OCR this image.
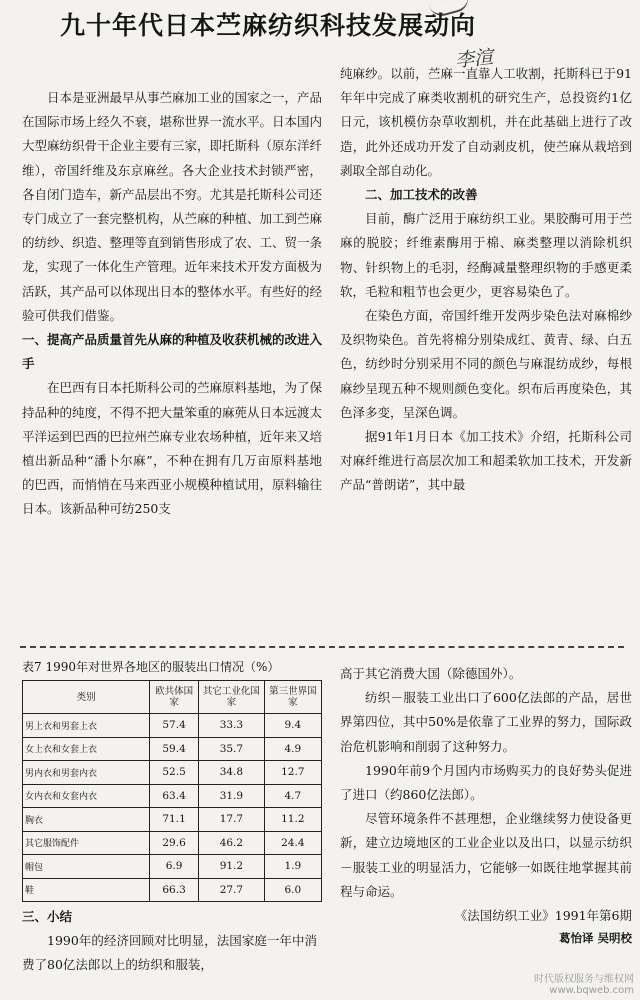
九十年代日本苎麻纺织科技发展动向
李渲

日本是亚洲最早从事苎麻加工业的国家之一，产品在国际市场上经久不衰，堪称世界一流水平。日本国内大型麻纺织骨干企业主要有三家，即托斯科（原东洋纤维），帝国纤维及东京麻丝。各大企业技术封锁严密，各自闭门造车，新产品层出不穷。尤其是托斯科公司还专门成立了一套完整机构，从苎麻的种植、加工到苎麻的纺纱、织造、整理等直到销售形成了农、工、贸一条龙，实现了一体化生产管理。近年来技术开发方面极为活跃，其产品可以体现出日本的整体水平。有些好的经验可供我们借鉴。

一、提高产品质量首先从麻的种植及收获机械的改进入手

在巴西有日本托斯科公司的苎麻原料基地，为了保持品种的纯度，不得不把大量笨重的麻蔸从日本远渡太平洋运到巴西的巴拉州苎麻专业农场种植，近年来又培植出新品种“潘卜尔麻”，不种在拥有几万亩原料基地的巴西，而悄悄在马来西亚小规模种植试用，原料输往日本。该新品种可纺250支

纯麻纱。以前，苎麻一直靠人工收割，托斯科已于91年年中完成了麻类收割机的研究生产，总投资约1亿日元，该机模仿杂草收割机，并在此基础上进行了改造，此外还成功开发了自动剥皮机，使苎麻从栽培到剥取全部自动化。

二、加工技术的改善

目前，酶广泛用于麻纺织工业。果胶酶可用于苎麻的脱胶；纤维素酶用于棉、麻类整理以消除机织物、针织物上的毛羽，经酶减量整理织物的手感更柔软，毛粒和粗节也会更少，更容易染色了。

在染色方面，帝国纤维开发两步染色法对麻棉纱及织物染色。首先将棉分别染成红、黄青、绿、白五色，纺纱时分别采用不同的颜色与麻混纺成纱，每根麻纱呈现五种不规则颜色变化。织布后再度染色，其色泽多变，呈深色调。

据91年1月日本《加工技术》介绍，托斯科公司对麻纤维进行高层次加工和超柔软加工技术，开发新产品“普朗诺”，其中最

表7 1990年对世界各地区的服装出口情况（%）

类别	欧共体国家	其它工业化国家	第三世界国家
男上衣和男套上衣	57.4	33.3	9.4
女上衣和女套上衣	59.4	35.7	4.9
男内衣和男套内衣	52.5	34.8	12.7
女内衣和女套内衣	63.4	31.9	4.7
胸衣	71.1	17.7	11.2
其它服饰配件	29.6	46.2	24.4
帽包	6.9	91.2	1.9
鞋	66.3	27.7	6.0
三、小结

1990年的经济回顾对比明显，法国家庭一年中消费了80亿法郎以上的纺织和服装，

高于其它消费大国（除德国外）。

纺织－服装工业出口了600亿法郎的产品，居世界第四位，其中50%是依靠了工业界的努力，国际政治危机影响和削弱了这种努力。

1990年前9个月国内市场购买力的良好势头促进了进口（约860亿法郎）。

尽管环境条件不甚理想，企业继续努力使设备更新，建立边境地区的工业企业以及出口，以显示纺织－服装工业的明显活力，它能够一如既往地掌握其前程与命运。

《法国纺织工业》1991年第6期

葛怡译 吴明校

时代版权服务与维权网
www.bqweb.com
